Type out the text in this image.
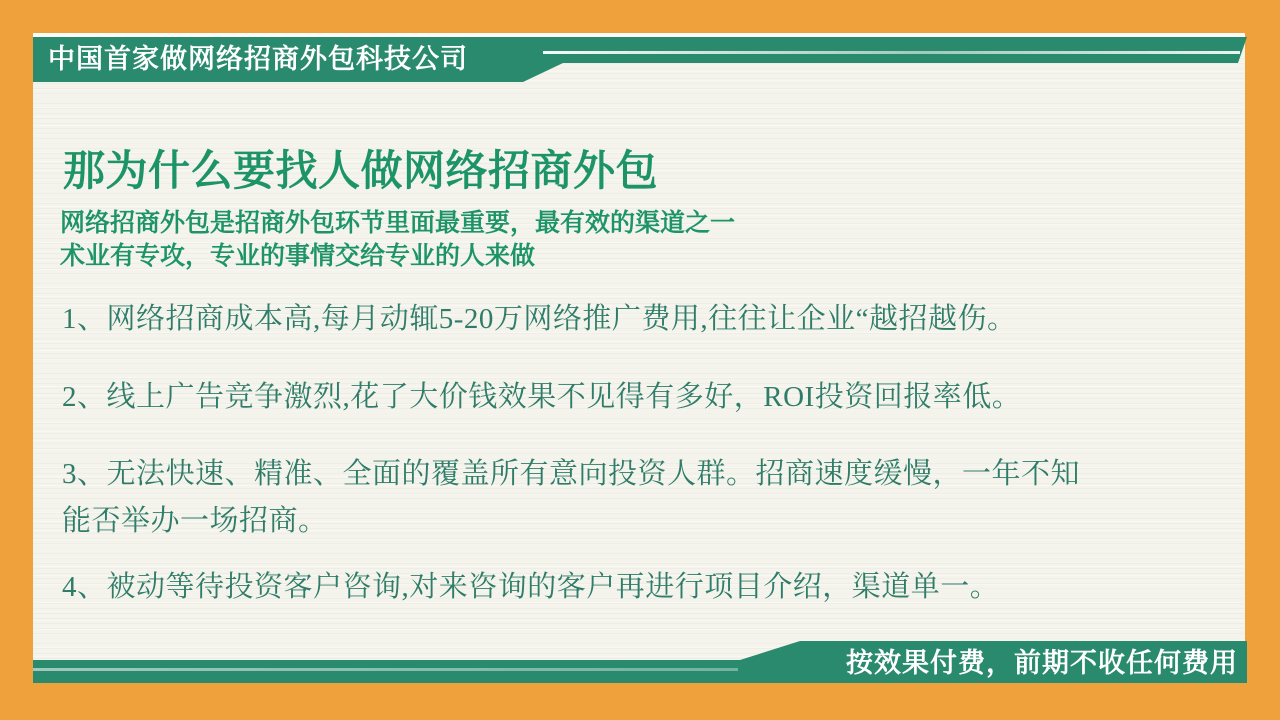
中国首家做网络招商外包科技公司
那为什么要找人做网络招商外包
网络招商外包是招商外包环节里面最重要，最有效的渠道之一
术业有专攻，专业的事情交给专业的人来做
1、网络招商成本高,每月动辄5-20万网络推广费用,往往让企业“越招越伤。
2、线上广告竞争激烈,花了大价钱效果不见得有多好，ROI投资回报率低。
3、无法快速、精准、全面的覆盖所有意向投资人群。招商速度缓慢，一年不知
能否举办一场招商。
4、被动等待投资客户咨询,对来咨询的客户再进行项目介绍，渠道单一。
按效果付费，前期不收任何费用
